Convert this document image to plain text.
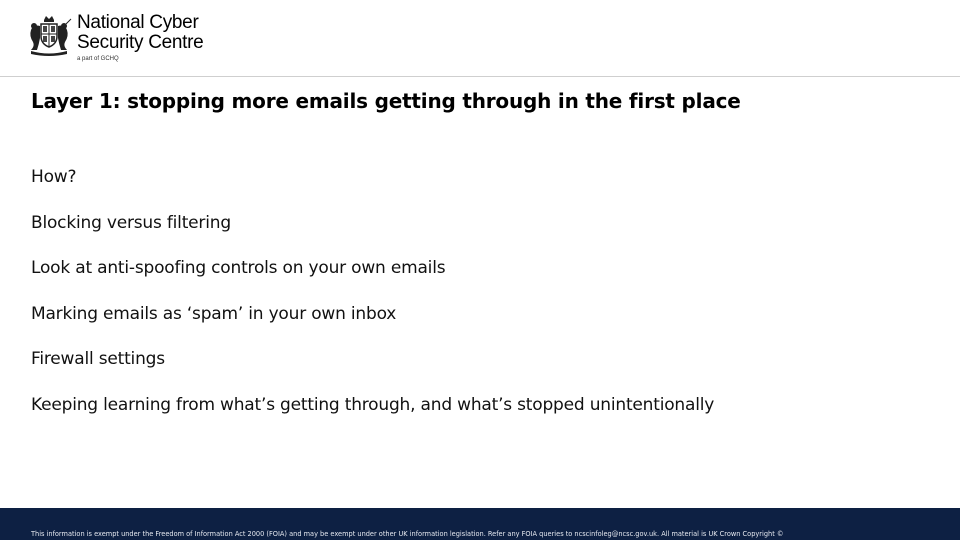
National Cyber
Security Centre
a part of GCHQ
Layer 1: stopping more emails getting through in the first place
How?
Blocking versus filtering
Look at anti-spoofing controls on your own emails
Marking emails as ‘spam’ in your own inbox
Firewall settings
Keeping learning from what’s getting through, and what’s stopped unintentionally
This information is exempt under the Freedom of Information Act 2000 (FOIA) and may be exempt under other UK information legislation. Refer any FOIA queries to ncscinfoleg@ncsc.gov.uk. All material is UK Crown Copyright ©
